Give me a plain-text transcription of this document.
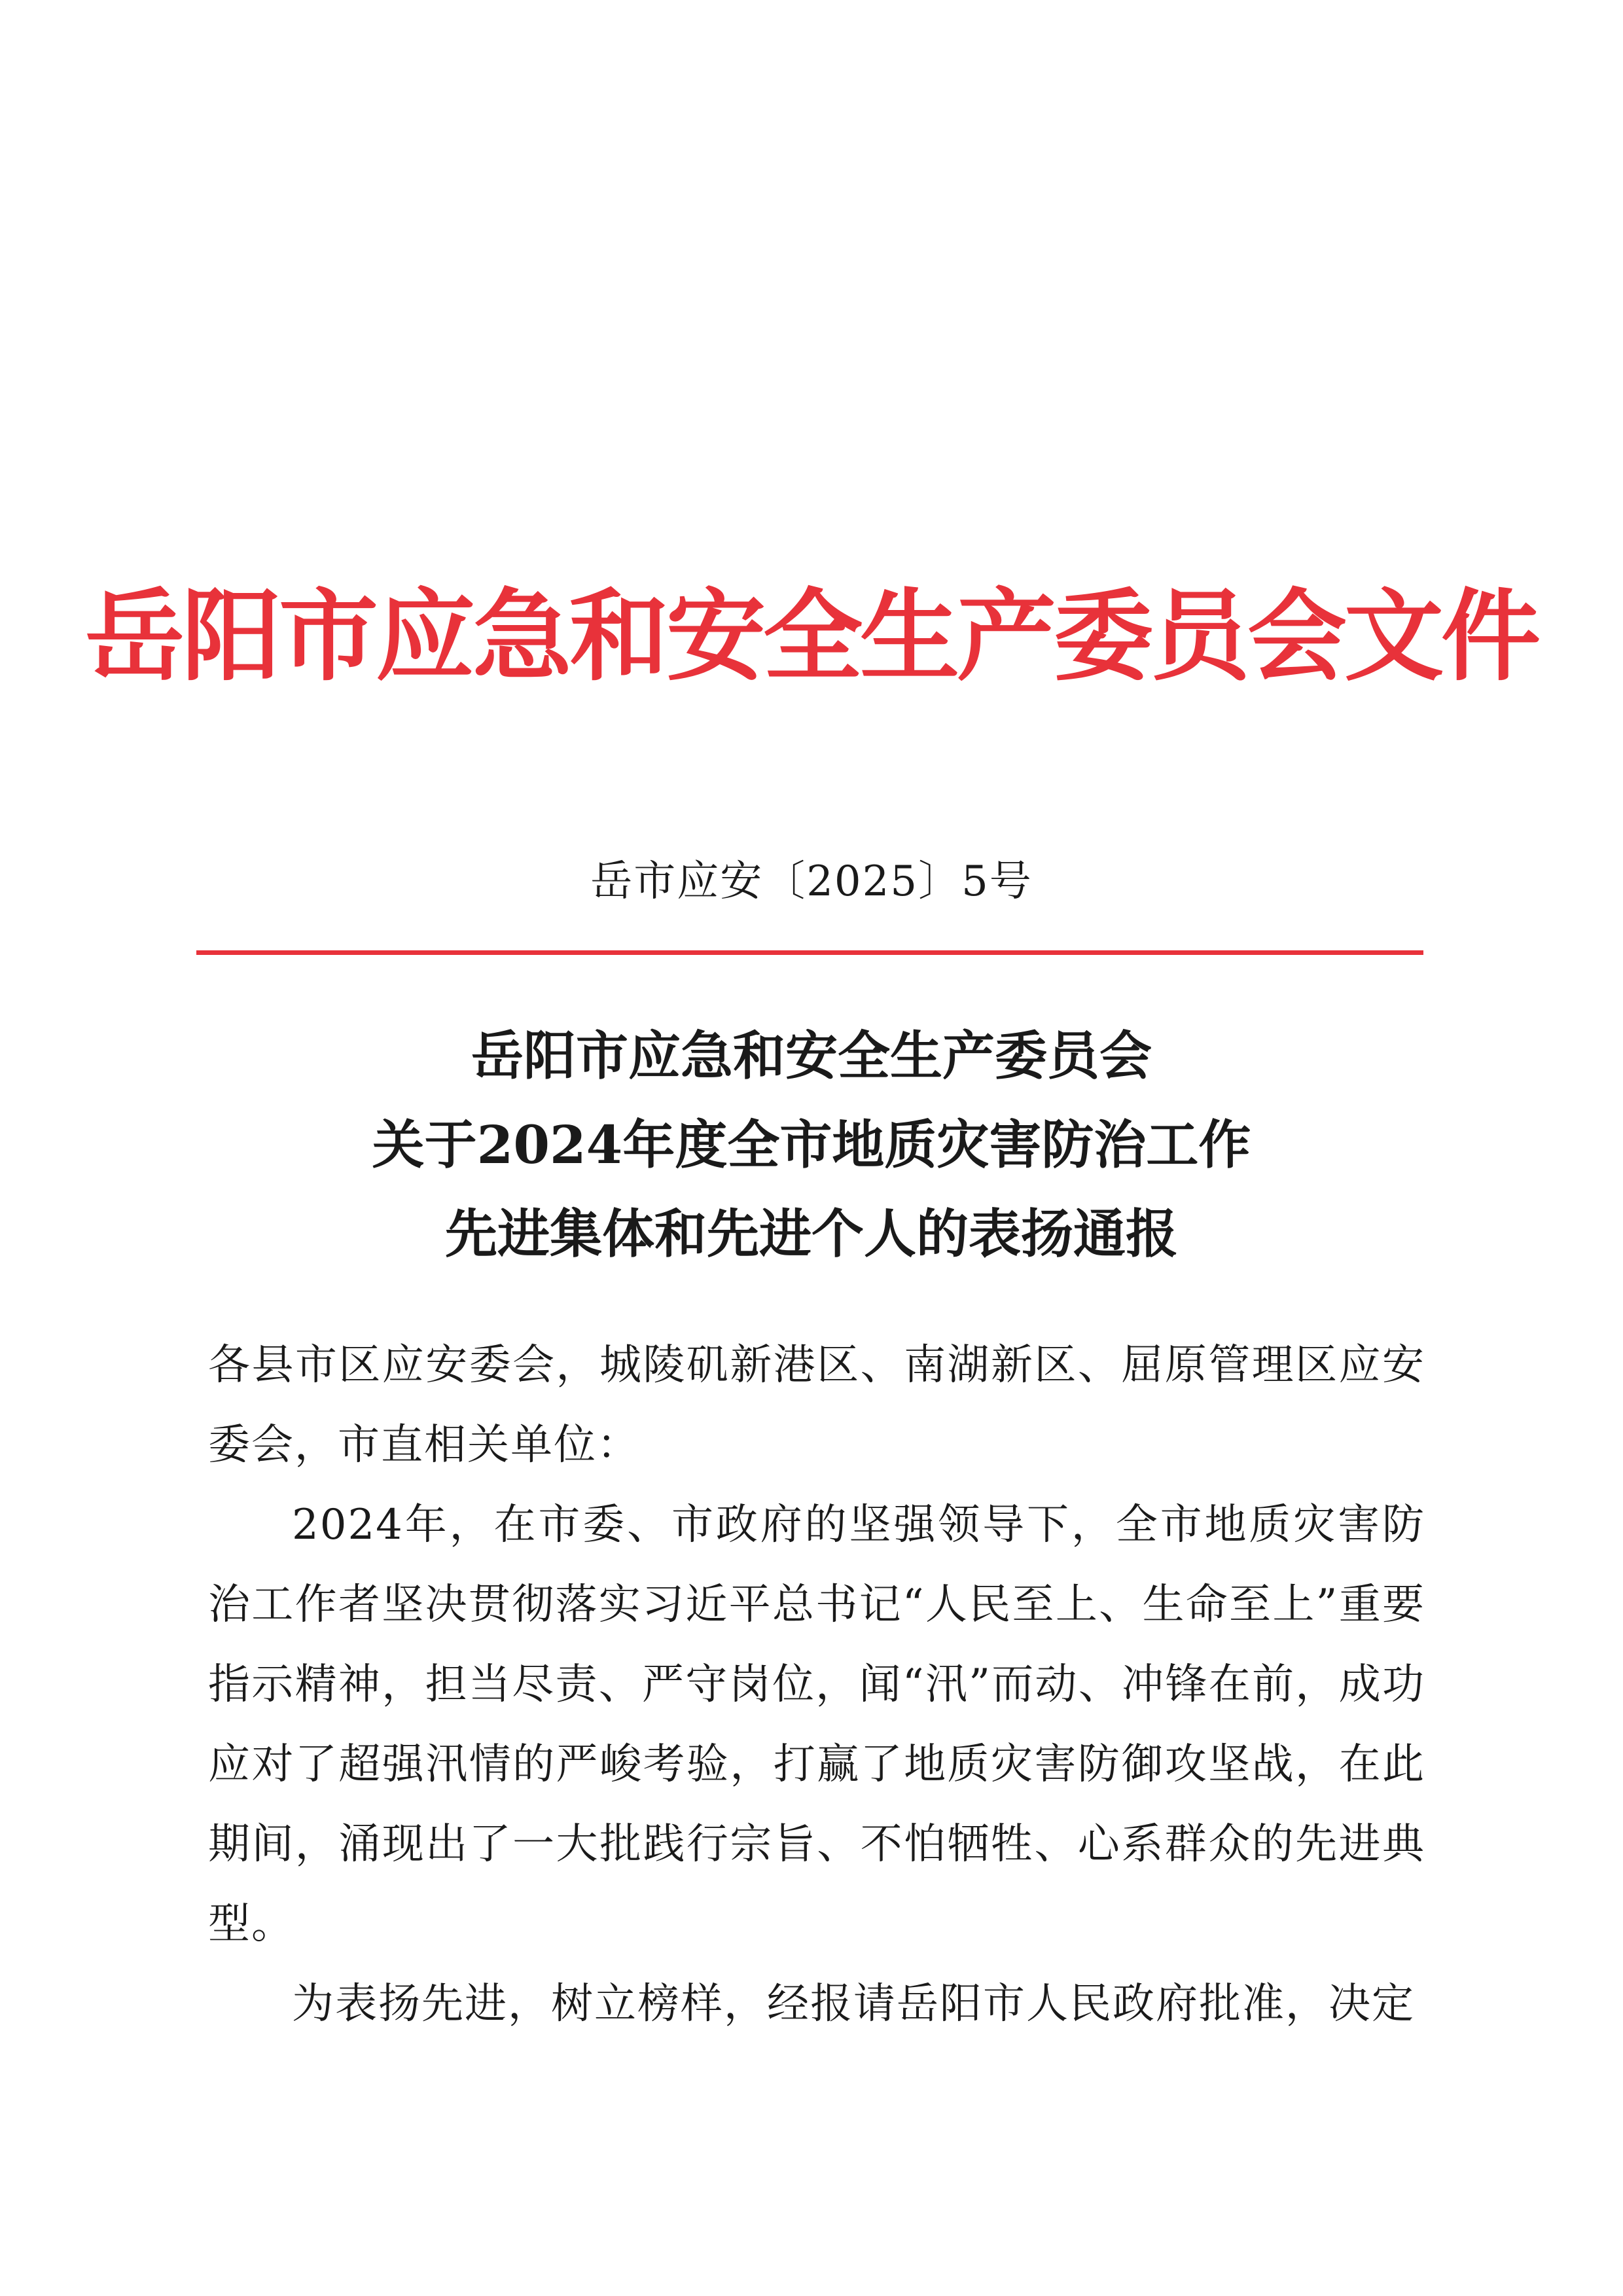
岳阳市应急和安全生产委员会文件
岳市应安〔2025〕5号
岳阳市应急和安全生产委员会
关于2024年度全市地质灾害防治工作
先进集体和先进个人的表扬通报

各县市区应安委会，城陵矶新港区、南湖新区、屈原管理区应安委会，市直相关单位：

2024年，在市委、市政府的坚强领导下，全市地质灾害防治工作者坚决贯彻落实习近平总书记“人民至上、生命至上”重要指示精神，担当尽责、严守岗位，闻“汛”而动、冲锋在前，成功应对了超强汛情的严峻考验，打赢了地质灾害防御攻坚战，在此期间，涌现出了一大批践行宗旨、不怕牺牲、心系群众的先进典型。

为表扬先进，树立榜样，经报请岳阳市人民政府批准，决定
